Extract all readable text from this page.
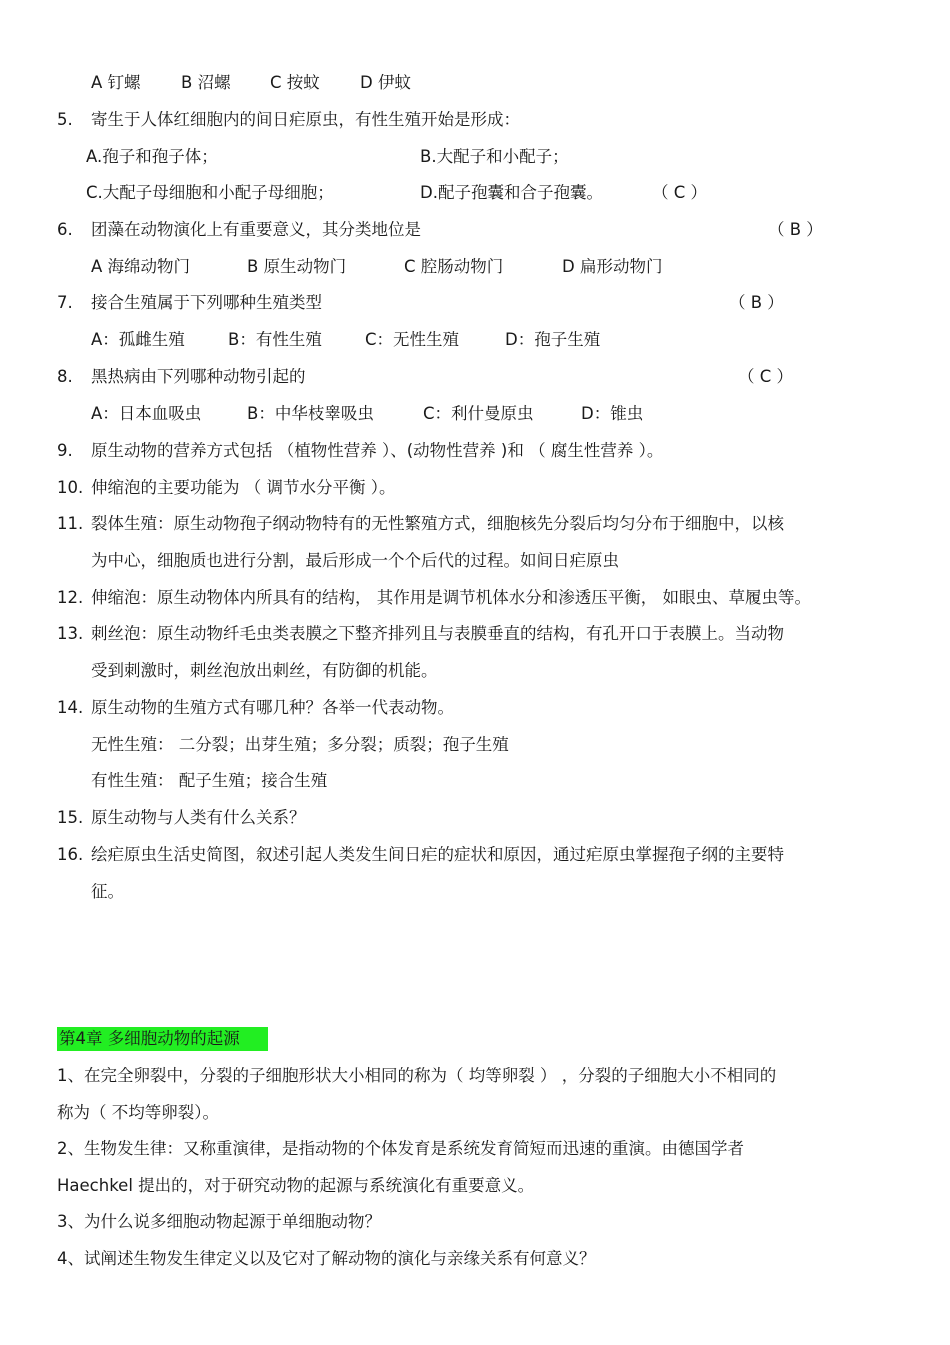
A 钉螺 B 沼螺 C 按蚊 D 伊蚊
5. 寄生于人体红细胞内的间日疟原虫，有性生殖开始是形成：
A.孢子和孢子体；	B.大配子和小配子；
C.大配子母细胞和小配子母细胞；	D.配子孢囊和合子孢囊。	（ C ）
6. 团藻在动物演化上有重要意义，其分类地位是	（ B ）
A 海绵动物门	B 原生动物门	C 腔肠动物门	D 扁形动物门
7. 接合生殖属于下列哪种生殖类型	（ B ）
A：孤雌生殖	B：有性生殖	C：无性生殖	D：孢子生殖
8. 黑热病由下列哪种动物引起的	（ C ）
A：日本血吸虫	B：中华枝睾吸虫	C：利什曼原虫	D：锥虫
9. 原生动物的营养方式包括 （植物性营养 ）、(动物性营养 )和 （ 腐生性营养 ）。
10. 伸缩泡的主要功能为 （ 调节水分平衡 ）。
11. 裂体生殖：原生动物孢子纲动物特有的无性繁殖方式，细胞核先分裂后均匀分布于细胞中，以核
为中心，细胞质也进行分割，最后形成一个个后代的过程。如间日疟原虫
12. 伸缩泡：原生动物体内所具有的结构， 其作用是调节机体水分和渗透压平衡， 如眼虫、草履虫等。
13. 刺丝泡：原生动物纤毛虫类表膜之下整齐排列且与表膜垂直的结构，有孔开口于表膜上。当动物
受到刺激时，刺丝泡放出刺丝，有防御的机能。
14. 原生动物的生殖方式有哪几种？各举一代表动物。
无性生殖： 二分裂；出芽生殖；多分裂；质裂；孢子生殖
有性生殖： 配子生殖；接合生殖
15. 原生动物与人类有什么关系？
16. 绘疟原虫生活史简图，叙述引起人类发生间日疟的症状和原因，通过疟原虫掌握孢子纲的主要特
征。
第4章 多细胞动物的起源
1、在完全卵裂中，分裂的子细胞形状大小相同的称为（ 均等卵裂 ） ，分裂的子细胞大小不相同的
称为（ 不均等卵裂）。
2、生物发生律：又称重演律，是指动物的个体发育是系统发育简短而迅速的重演。由德国学者
Haechkel 提出的，对于研究动物的起源与系统演化有重要意义。
3、为什么说多细胞动物起源于单细胞动物？
4、试阐述生物发生律定义以及它对了解动物的演化与亲缘关系有何意义？
